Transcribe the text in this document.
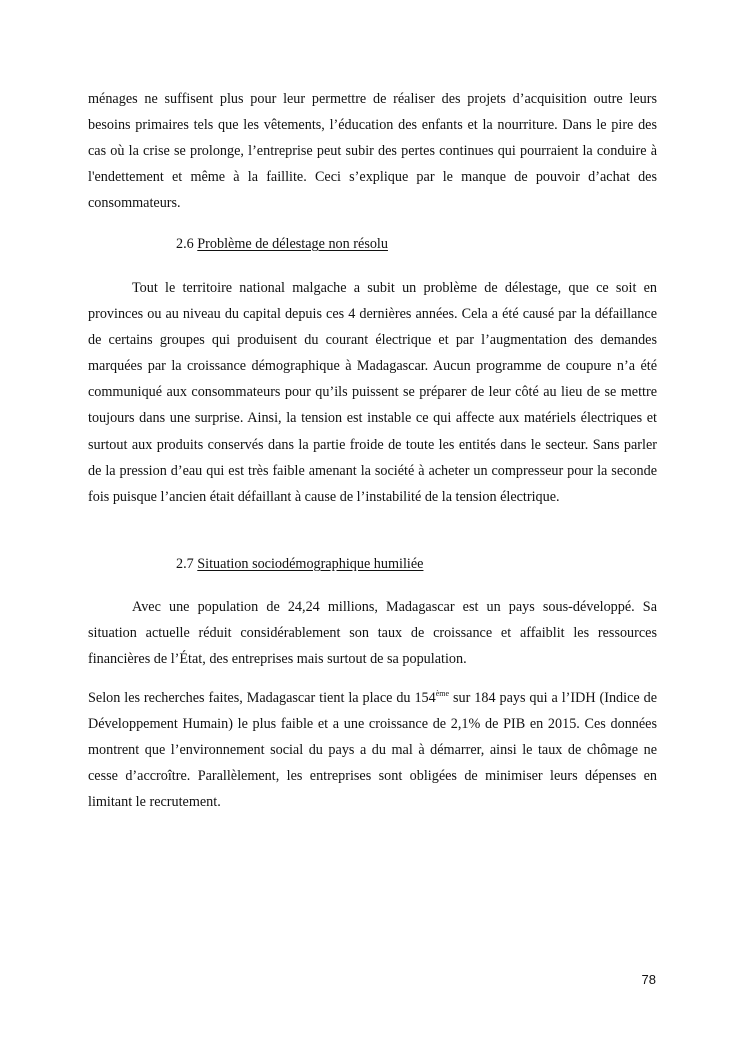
ménages ne suffisent plus pour leur permettre de réaliser des projets d’acquisition outre leurs besoins primaires tels que les vêtements, l’éducation des enfants et la nourriture. Dans le pire des cas où la crise se prolonge, l’entreprise peut subir des pertes continues qui pourraient la conduire à l'endettement et même à la faillite. Ceci s’explique par le manque de pouvoir d’achat des consommateurs.

2.6 Problème de délestage non résolu

Tout le territoire national malgache a subit un problème de délestage, que ce soit en provinces ou au niveau du capital depuis ces 4 dernières années. Cela a été causé par la défaillance de certains groupes qui produisent du courant électrique et par l’augmentation des demandes marquées par la croissance démographique à Madagascar. Aucun programme de coupure n’a été communiqué aux consommateurs pour qu’ils puissent se préparer de leur côté au lieu de se mettre toujours dans une surprise. Ainsi, la tension est instable ce qui affecte aux matériels électriques et surtout aux produits conservés dans la partie froide de toute les entités dans le secteur. Sans parler de la pression d’eau qui est très faible amenant la société à acheter un compresseur pour la seconde fois puisque l’ancien était défaillant à cause de l’instabilité de la tension électrique.

2.7 Situation sociodémographique humiliée

Avec une population de 24,24 millions, Madagascar est un pays sous-développé. Sa situation actuelle réduit considérablement son taux de croissance et affaiblit les ressources financières de l’État, des entreprises mais surtout de sa population.

Selon les recherches faites, Madagascar tient la place du 154ème sur 184 pays qui a l’IDH (Indice de Développement Humain) le plus faible et a une croissance de 2,1% de PIB en 2015. Ces données montrent que l’environnement social du pays a du mal à démarrer, ainsi le taux de chômage ne cesse d’accroître. Parallèlement, les entreprises sont obligées de minimiser leurs dépenses en limitant le recrutement.

78
